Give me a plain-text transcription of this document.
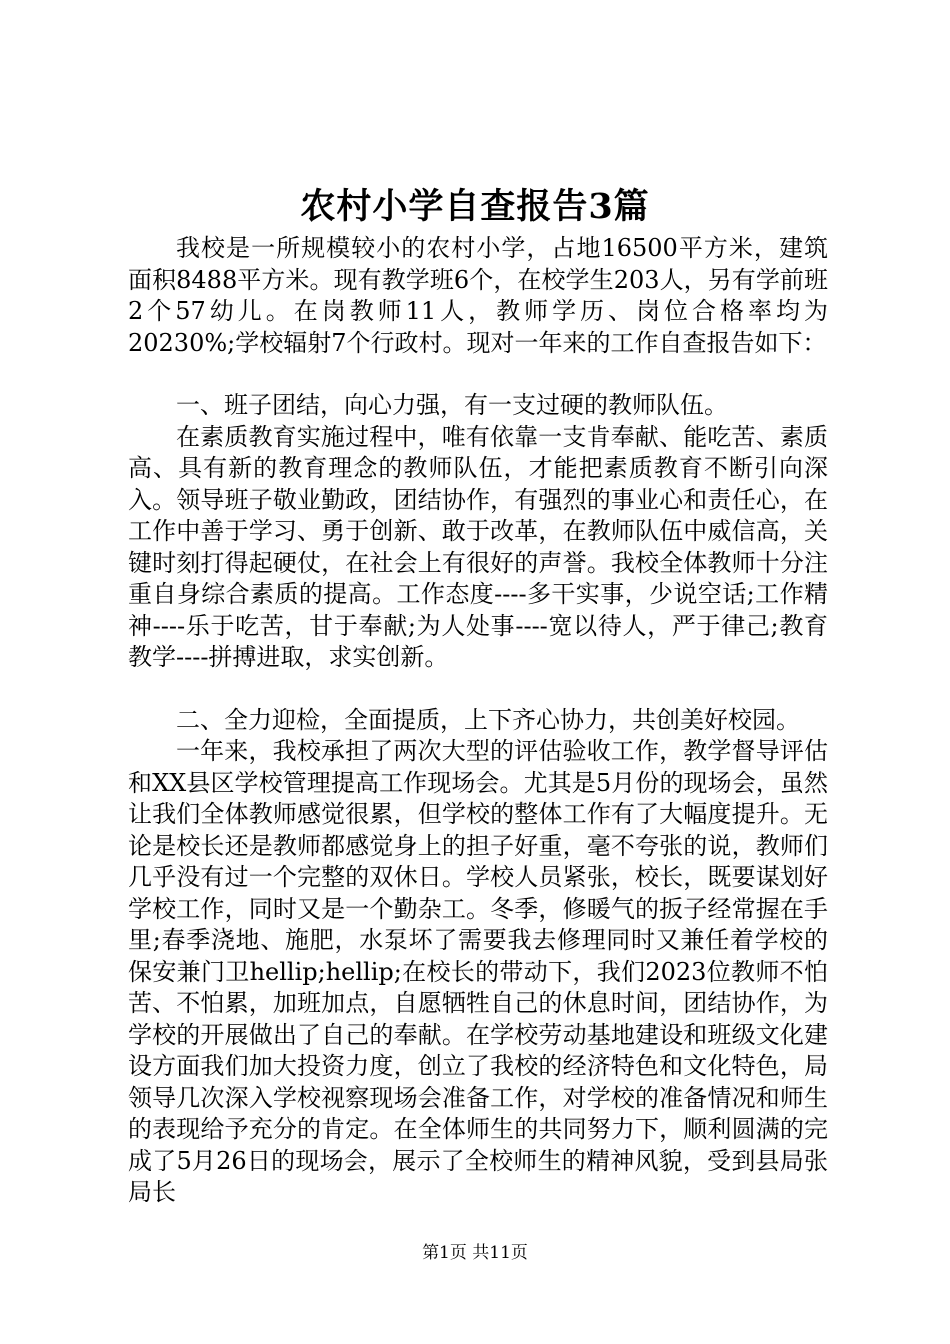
农村小学自查报告3篇

我校是一所规模较小的农村小学，占地16500平方米，建筑面积8488平方米。现有教学班6个，在校学生203人，另有学前班2个57幼儿。在岗教师11人，教师学历、岗位合格率均为20230%;学校辐射7个行政村。现对一年来的工作自查报告如下：

一、班子团结，向心力强，有一支过硬的教师队伍。

在素质教育实施过程中，唯有依靠一支肯奉献、能吃苦、素质高、具有新的教育理念的教师队伍，才能把素质教育不断引向深入。领导班子敬业勤政，团结协作，有强烈的事业心和责任心，在工作中善于学习、勇于创新、敢于改革，在教师队伍中威信高，关键时刻打得起硬仗，在社会上有很好的声誉。我校全体教师十分注重自身综合素质的提高。工作态度----多干实事，少说空话;工作精神----乐于吃苦，甘于奉献;为人处事----宽以待人，严于律己;教育教学----拼搏进取，求实创新。

二、全力迎检，全面提质，上下齐心协力，共创美好校园。

一年来，我校承担了两次大型的评估验收工作，教学督导评估和XX县区学校管理提高工作现场会。尤其是5月份的现场会，虽然让我们全体教师感觉很累，但学校的整体工作有了大幅度提升。无论是校长还是教师都感觉身上的担子好重，毫不夸张的说，教师们几乎没有过一个完整的双休日。学校人员紧张，校长，既要谋划好学校工作，同时又是一个勤杂工。冬季，修暖气的扳子经常握在手里;春季浇地、施肥，水泵坏了需要我去修理同时又兼任着学校的保安兼门卫hellip;hellip;在校长的带动下，我们2023位教师不怕苦、不怕累，加班加点，自愿牺牲自己的休息时间，团结协作，为学校的开展做出了自己的奉献。在学校劳动基地建设和班级文化建设方面我们加大投资力度，创立了我校的经济特色和文化特色，局领导几次深入学校视察现场会准备工作，对学校的准备情况和师生的表现给予充分的肯定。在全体师生的共同努力下，顺利圆满的完成了5月26日的现场会，展示了全校师生的精神风貌，受到县局张局长

第1页 共11页
